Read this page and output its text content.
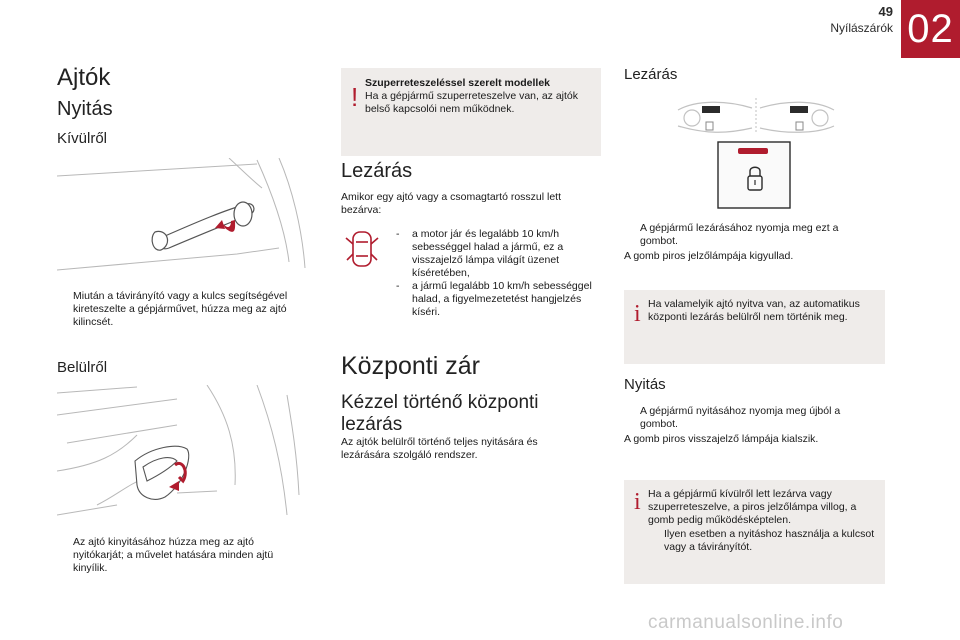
49
Nyílászárók 02
Ajtók
Nyitás
Kívülről
Miután a távirányító vagy a kulcs segítségével kireteszelte a gépjárművet, húzza meg az ajtó kilincsét.
Belülről
Az ajtó kinyitásához húzza meg az ajtó nyitókarját; a művelet hatására minden ajtü kinyílik.
! Szuperreteszeléssel szerelt modellek
Ha a gépjármű szuperreteszelve van, az ajtók belső kapcsolói nem működnek.
Lezárás
Amikor egy ajtó vagy a csomagtartó rosszul lett bezárva:
-	a motor jár és legalább 10 km/h sebességgel halad a jármű, ez a visszajelző lámpa világít üzenet kíséretében,
-	a jármű legalább 10 km/h sebességgel halad, a figyelmezetetést hangjelzés kíséri.
Központi zár
Kézzel történő központi lezárás
Az ajtók belülről történő teljes nyitására és lezárására szolgáló rendszer.
Lezárás
A gépjármű lezárásához nyomja meg ezt a gombot.
A gomb piros jelzőlámpája kigyullad.
i Ha valamelyik ajtó nyitva van, az automatikus központi lezárás belülről nem történik meg.
Nyitás
A gépjármű nyitásához nyomja meg újból a gombot.
A gomb piros visszajelző lámpája kialszik.
i Ha a gépjármű kívülről lett lezárva vagy szuperreteszelve, a piros jelzőlámpa villog, a gomb pedig működésképtelen.
Ilyen esetben a nyitáshoz használja a kulcsot vagy a távirányítót.
carmanualsonline.info
